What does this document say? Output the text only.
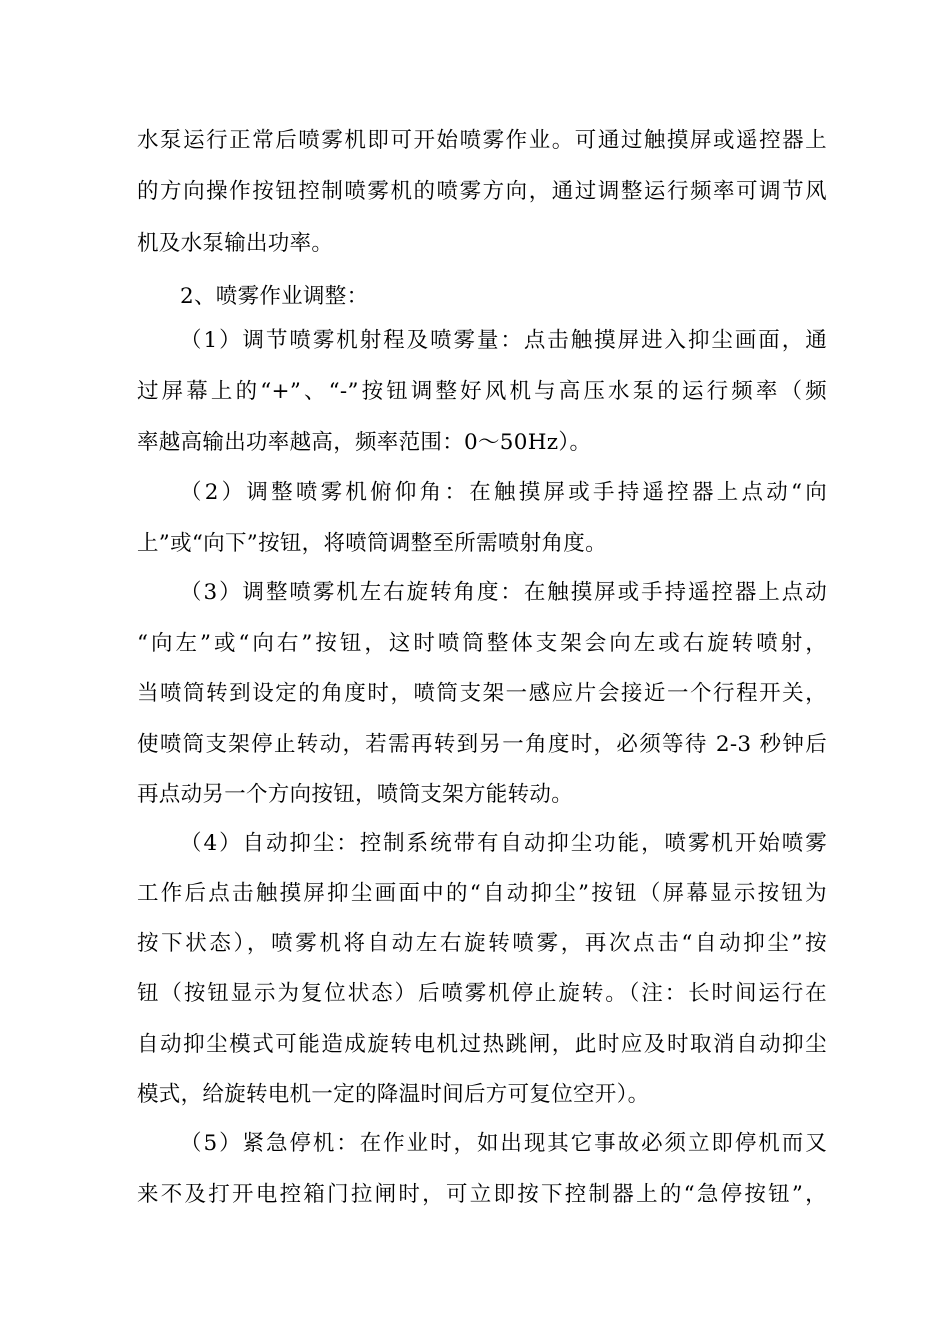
水泵运行正常后喷雾机即可开始喷雾作业。可通过触摸屏或遥控器上
的方向操作按钮控制喷雾机的喷雾方向，通过调整运行频率可调节风
机及水泵输出功率。
2、喷雾作业调整：
（1）调节喷雾机射程及喷雾量：点击触摸屏进入抑尘画面，通
过屏幕上的“+”、“-”按钮调整好风机与高压水泵的运行频率（频
率越高输出功率越高，频率范围：0～50Hz）。
（2）调整喷雾机俯仰角：在触摸屏或手持遥控器上点动“向
上”或“向下”按钮，将喷筒调整至所需喷射角度。
（3）调整喷雾机左右旋转角度：在触摸屏或手持遥控器上点动
“向左”或“向右”按钮，这时喷筒整体支架会向左或右旋转喷射，
当喷筒转到设定的角度时，喷筒支架一感应片会接近一个行程开关，
使喷筒支架停止转动，若需再转到另一角度时，必须等待 2-3 秒钟后
再点动另一个方向按钮，喷筒支架方能转动。
（4）自动抑尘：控制系统带有自动抑尘功能，喷雾机开始喷雾
工作后点击触摸屏抑尘画面中的“自动抑尘”按钮（屏幕显示按钮为
按下状态），喷雾机将自动左右旋转喷雾，再次点击“自动抑尘”按
钮（按钮显示为复位状态）后喷雾机停止旋转。（注：长时间运行在
自动抑尘模式可能造成旋转电机过热跳闸，此时应及时取消自动抑尘
模式，给旋转电机一定的降温时间后方可复位空开）。
（5）紧急停机：在作业时，如出现其它事故必须立即停机而又
来不及打开电控箱门拉闸时，可立即按下控制器上的“急停按钮”，
